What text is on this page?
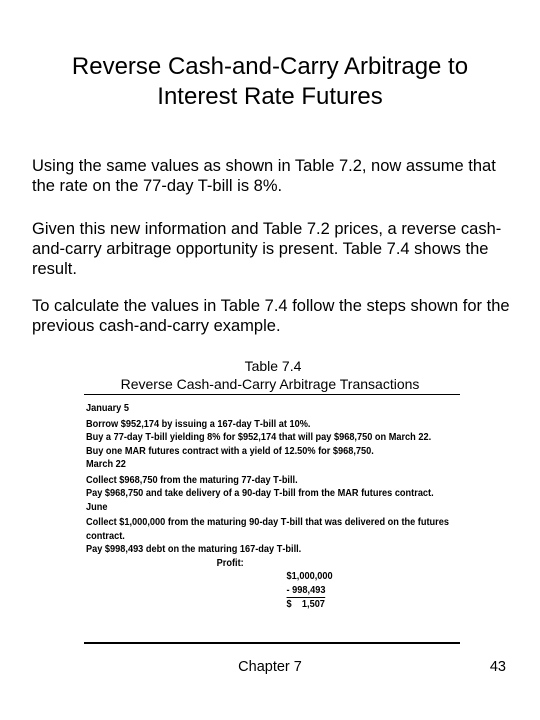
Reverse Cash-and-Carry Arbitrage to
Interest Rate Futures
Using the same values as shown in Table 7.2, now assume that the rate on the 77-day T-bill is 8%.
Given this new information and Table 7.2 prices, a reverse cash-and-carry arbitrage opportunity is present. Table 7.4 shows the result.
To calculate the values in Table 7.4 follow the steps shown for the previous cash-and-carry example.
Table 7.4
Reverse Cash‐and‐Carry Arbitrage Transactions
January 5
Borrow $952,174 by issuing a 167‐day T‐bill at 10%.
Buy a 77‐day T‐bill yielding 8% for $952,174 that will pay $968,750 on March 22.
Buy one MAR futures contract with a yield of 12.50% for $968,750.
March 22
Collect $968,750 from the maturing 77‐day T‐bill.
Pay $968,750 and take delivery of a 90‐day T‐bill from the MAR futures contract.
June
Collect $1,000,000 from the maturing 90‐day T‐bill that was delivered on the futures contract.
Pay $998,493 debt on the maturing 167‐day T‐bill.
Profit:
$1,000,000
‐ 998,493
$    1,507
Chapter 7	43
